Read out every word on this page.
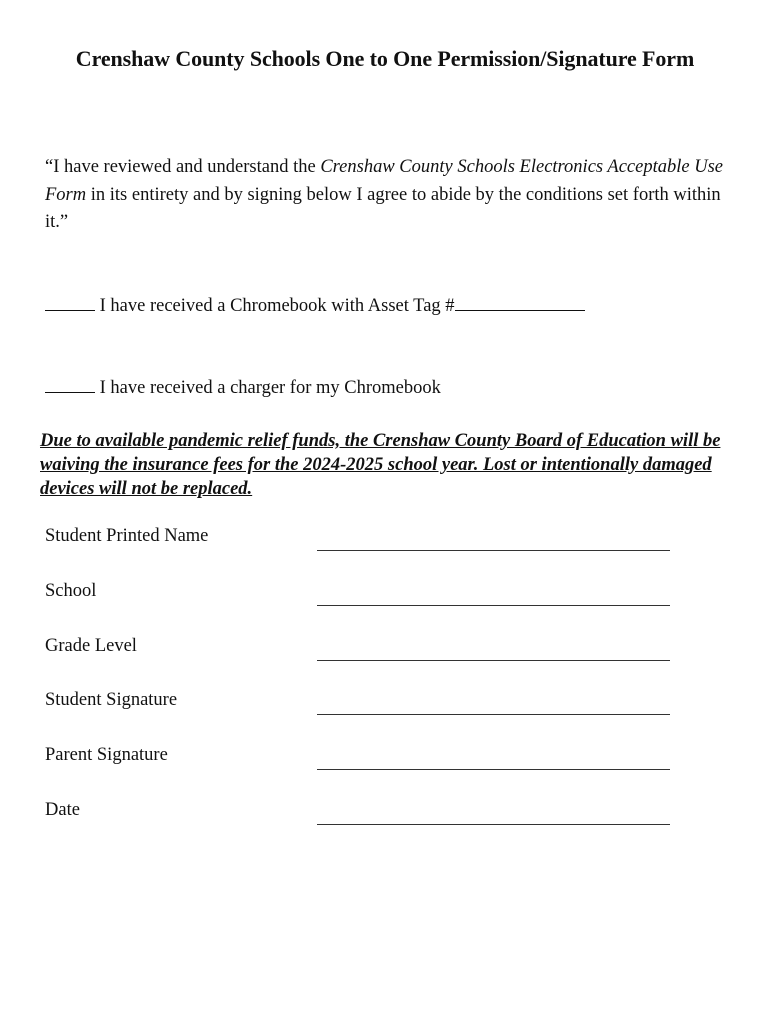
Crenshaw County Schools One to One Permission/Signature Form
“I have reviewed and understand the Crenshaw County Schools Electronics Acceptable Use Form in its entirety and by signing below I agree to abide by the conditions set forth within it.”
I have received a Chromebook with Asset Tag #
I have received a charger for my Chromebook
Due to available pandemic relief funds, the Crenshaw County Board of Education will be waiving the insurance fees for the 2024-2025 school year. Lost or intentionally damaged devices will not be replaced.
Student Printed Name
School
Grade Level
Student Signature
Parent Signature
Date
